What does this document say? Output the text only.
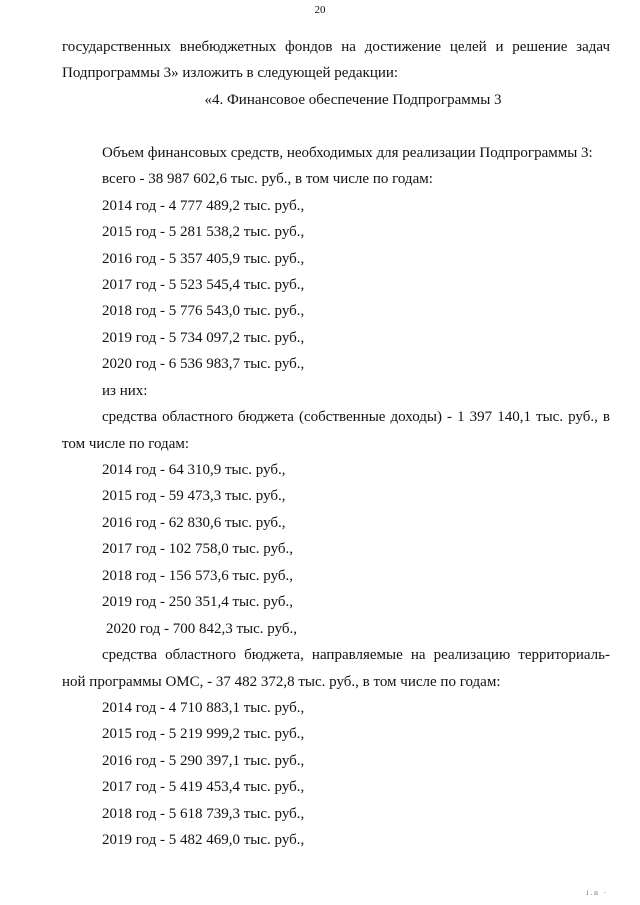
20
государственных внебюджетных фондов на достижение целей и решение задач
Подпрограммы 3» изложить в следующей редакции:
«4. Финансовое обеспечение Подпрограммы 3
Объем финансовых средств, необходимых для реализации Подпрограммы 3:
всего - 38 987 602,6 тыс. руб., в том числе по годам:
2014 год - 4 777 489,2 тыс. руб.,
2015 год - 5 281 538,2 тыс. руб.,
2016 год - 5 357 405,9 тыс. руб.,
2017 год - 5 523 545,4 тыс. руб.,
2018 год - 5 776 543,0 тыс. руб.,
2019 год - 5 734 097,2 тыс. руб.,
2020 год - 6 536 983,7 тыс. руб.,
из них:
средства областного бюджета (собственные доходы) - 1 397 140,1 тыс. руб., в
том числе по годам:
2014 год - 64 310,9 тыс. руб.,
2015 год - 59 473,3 тыс. руб.,
2016 год - 62 830,6 тыс. руб.,
2017 год - 102 758,0 тыс. руб.,
2018 год - 156 573,6 тыс. руб.,
2019 год - 250 351,4 тыс. руб.,
2020 год - 700 842,3 тыс. руб.,
средства областного бюджета, направляемые на реализацию территориаль-
ной программы ОМС, - 37 482 372,8 тыс. руб., в том числе по годам:
2014 год - 4 710 883,1 тыс. руб.,
2015 год - 5 219 999,2 тыс. руб.,
2016 год - 5 290 397,1 тыс. руб.,
2017 год - 5 419 453,4 тыс. руб.,
2018 год - 5 618 739,3 тыс. руб.,
2019 год - 5 482 469,0 тыс. руб.,
і.п ·
